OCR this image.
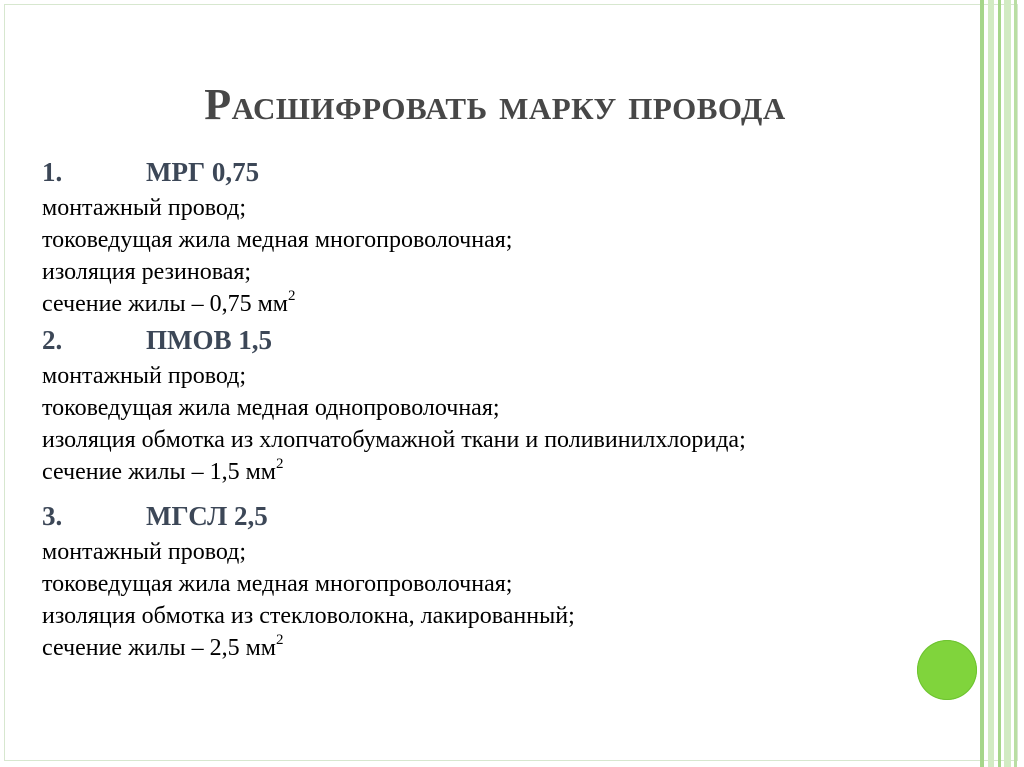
Расшифровать марку провода
1.	МРГ 0,75
монтажный провод;
токоведущая жила медная многопроволочная;
изоляция резиновая;
сечение жилы – 0,75 $мм^2$
2.	ПМОВ 1,5
монтажный провод;
токоведущая жила медная однопроволочная;
изоляция обмотка из хлопчатобумажной ткани и поливинилхлорида;
сечение жилы – 1,5 $мм^2$
3.	МГСЛ 2,5
монтажный провод;
токоведущая жила медная многопроволочная;
изоляция обмотка из стекловолокна, лакированный;
сечение жилы – 2,5 $мм^2$
